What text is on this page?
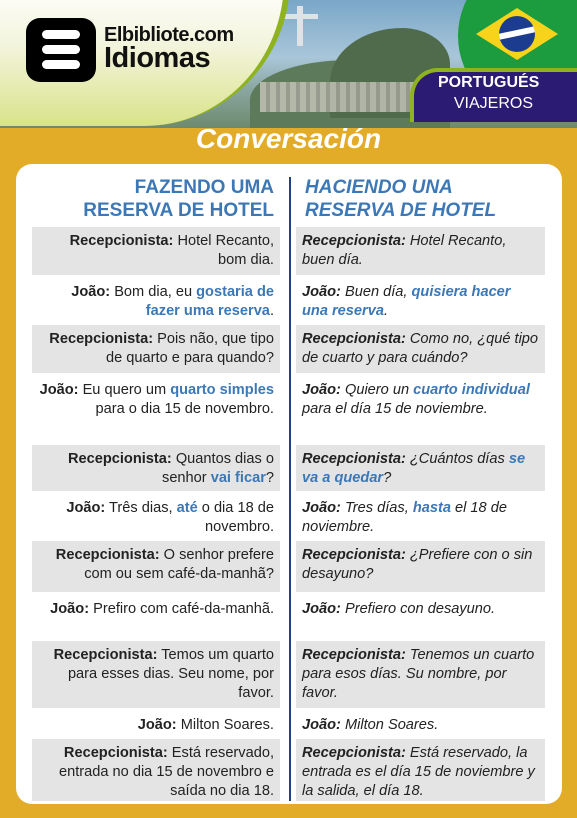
Elbibliote.com
Idiomas
PORTUGUÉS
VIAJEROS
Conversación
FAZENDO UMA
RESERVA DE HOTEL
HACIENDO UNA
RESERVA DE HOTEL
Recepcionista: Hotel Recanto, bom dia.
Recepcionista: Hotel Recanto, buen día.
João: Bom dia, eu gostaria de fazer uma reserva.
João: Buen día, quisiera hacer una reserva.
Recepcionista: Pois não, que tipo de quarto e para quando?
Recepcionista: Como no, ¿qué tipo de cuarto y para cuándo?
João: Eu quero um quarto simples para o dia 15 de novembro.
João: Quiero un cuarto individual para el día 15 de noviembre.
Recepcionista: Quantos dias o senhor vai ficar?
Recepcionista: ¿Cuántos días se va a quedar?
João: Três dias, até o dia 18 de novembro.
João: Tres días, hasta el 18 de noviembre.
Recepcionista: O senhor prefere com ou sem café-da-manhã?
Recepcionista: ¿Prefiere con o sin desayuno?
João: Prefiro com café-da-manhã.	João: Prefiero con desayuno.
Recepcionista: Temos um quarto para esses dias. Seu nome, por favor.
Recepcionista: Tenemos un cuarto para esos días. Su nombre, por favor.
João: Milton Soares.	João: Milton Soares.
Recepcionista: Está reservado, entrada no dia 15 de novembro e saída no dia 18.
Recepcionista: Está reservado, la entrada es el día 15 de noviembre y la salida, el día 18.
